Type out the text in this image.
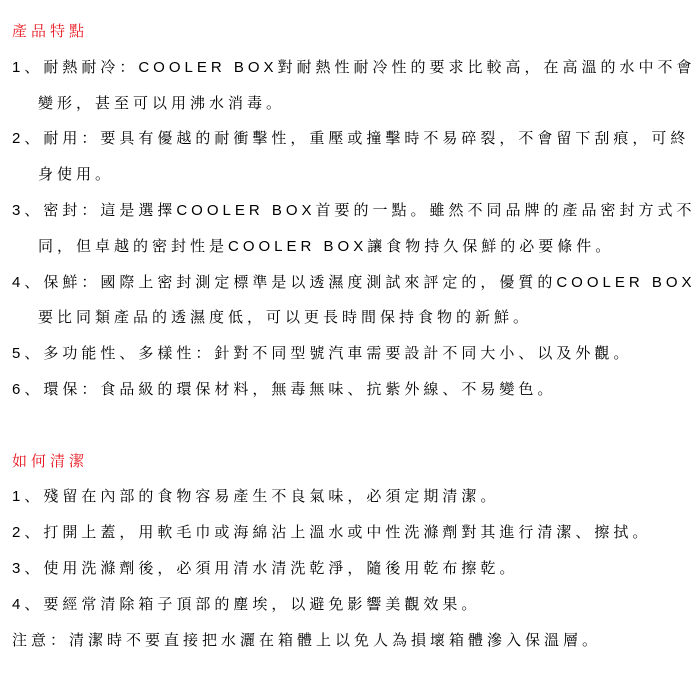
產品特點

1、耐熱耐冷：COOLER BOX對耐熱性耐冷性的要求比較高，在高溫的水中不會

變形，甚至可以用沸水消毒。

2、耐用：要具有優越的耐衝擊性，重壓或撞擊時不易碎裂，不會留下刮痕，可終

身使用。

3、密封：這是選擇COOLER BOX首要的一點。雖然不同品牌的產品密封方式不

同，但卓越的密封性是COOLER BOX讓食物持久保鮮的必要條件。

4、保鮮：國際上密封測定標準是以透濕度測試來評定的，優質的COOLER BOX

要比同類產品的透濕度低，可以更長時間保持食物的新鮮。

5、多功能性、多樣性：針對不同型號汽車需要設計不同大小、以及外觀。

6、環保：食品級的環保材料，無毒無味、抗紫外線、不易變色。

如何清潔

1、殘留在內部的食物容易產生不良氣味，必須定期清潔。

2、打開上蓋，用軟毛巾或海綿沾上溫水或中性洗滌劑對其進行清潔、擦拭。

3、使用洗滌劑後，必須用清水清洗乾淨，隨後用乾布擦乾。

4、要經常清除箱子頂部的塵埃，以避免影響美觀效果。

注意：清潔時不要直接把水灑在箱體上以免人為損壞箱體滲入保溫層。
